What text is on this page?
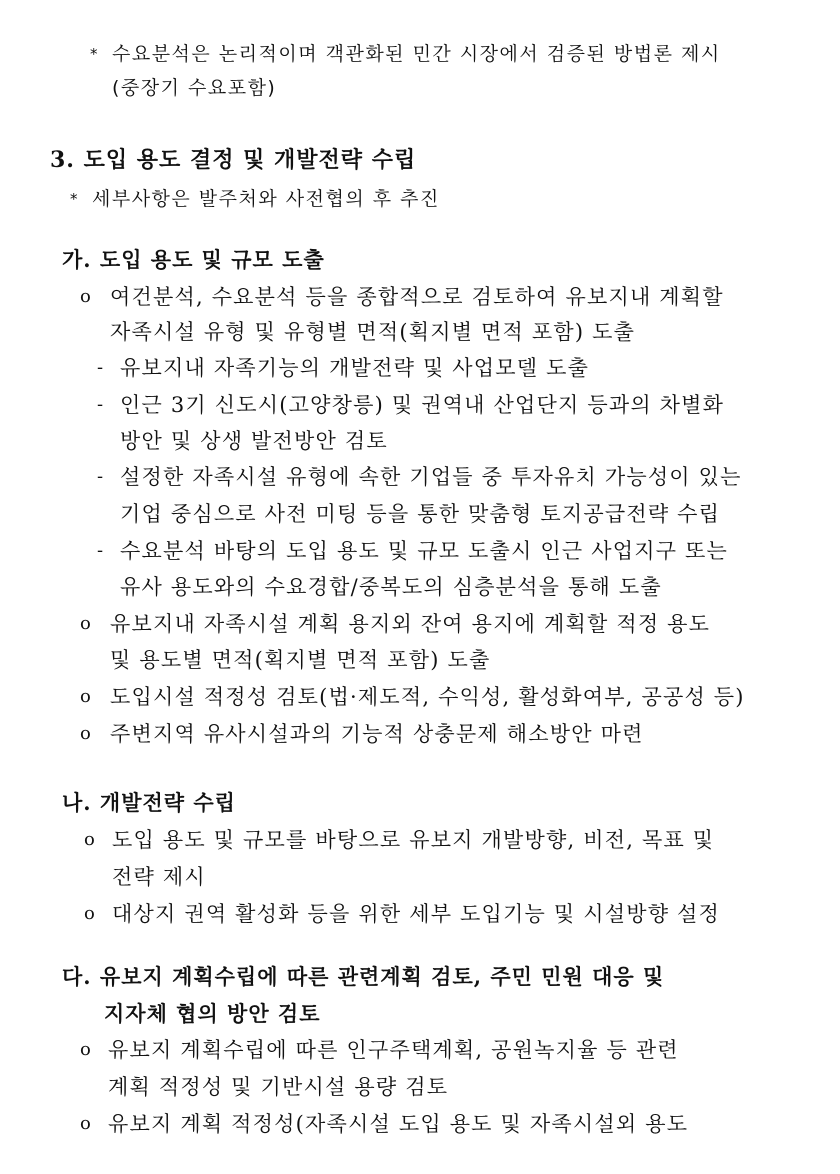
* 수요분석은 논리적이며 객관화된 민간 시장에서 검증된 방법론 제시
(중장기 수요포함)
3. 도입 용도 결정 및 개발전략 수립
* 세부사항은 발주처와 사전협의 후 추진
가. 도입 용도 및 규모 도출
o 여건분석, 수요분석 등을 종합적으로 검토하여 유보지내 계획할
자족시설 유형 및 유형별 면적(획지별 면적 포함) 도출
- 유보지내 자족기능의 개발전략 및 사업모델 도출
- 인근 3기 신도시(고양창릉) 및 권역내 산업단지 등과의 차별화
방안 및 상생 발전방안 검토
- 설정한 자족시설 유형에 속한 기업들 중 투자유치 가능성이 있는
기업 중심으로 사전 미팅 등을 통한 맞춤형 토지공급전략 수립
- 수요분석 바탕의 도입 용도 및 규모 도출시 인근 사업지구 또는
유사 용도와의 수요경합/중복도의 심층분석을 통해 도출
o 유보지내 자족시설 계획 용지외 잔여 용지에 계획할 적정 용도
및 용도별 면적(획지별 면적 포함) 도출
o 도입시설 적정성 검토(법·제도적, 수익성, 활성화여부, 공공성 등)
o 주변지역 유사시설과의 기능적 상충문제 해소방안 마련
나. 개발전략 수립
o 도입 용도 및 규모를 바탕으로 유보지 개발방향, 비전, 목표 및
전략 제시
o 대상지 권역 활성화 등을 위한 세부 도입기능 및 시설방향 설정
다. 유보지 계획수립에 따른 관련계획 검토, 주민 민원 대응 및
지자체 협의 방안 검토
o 유보지 계획수립에 따른 인구주택계획, 공원녹지율 등 관련
계획 적정성 및 기반시설 용량 검토
o 유보지 계획 적정성(자족시설 도입 용도 및 자족시설외 용도
